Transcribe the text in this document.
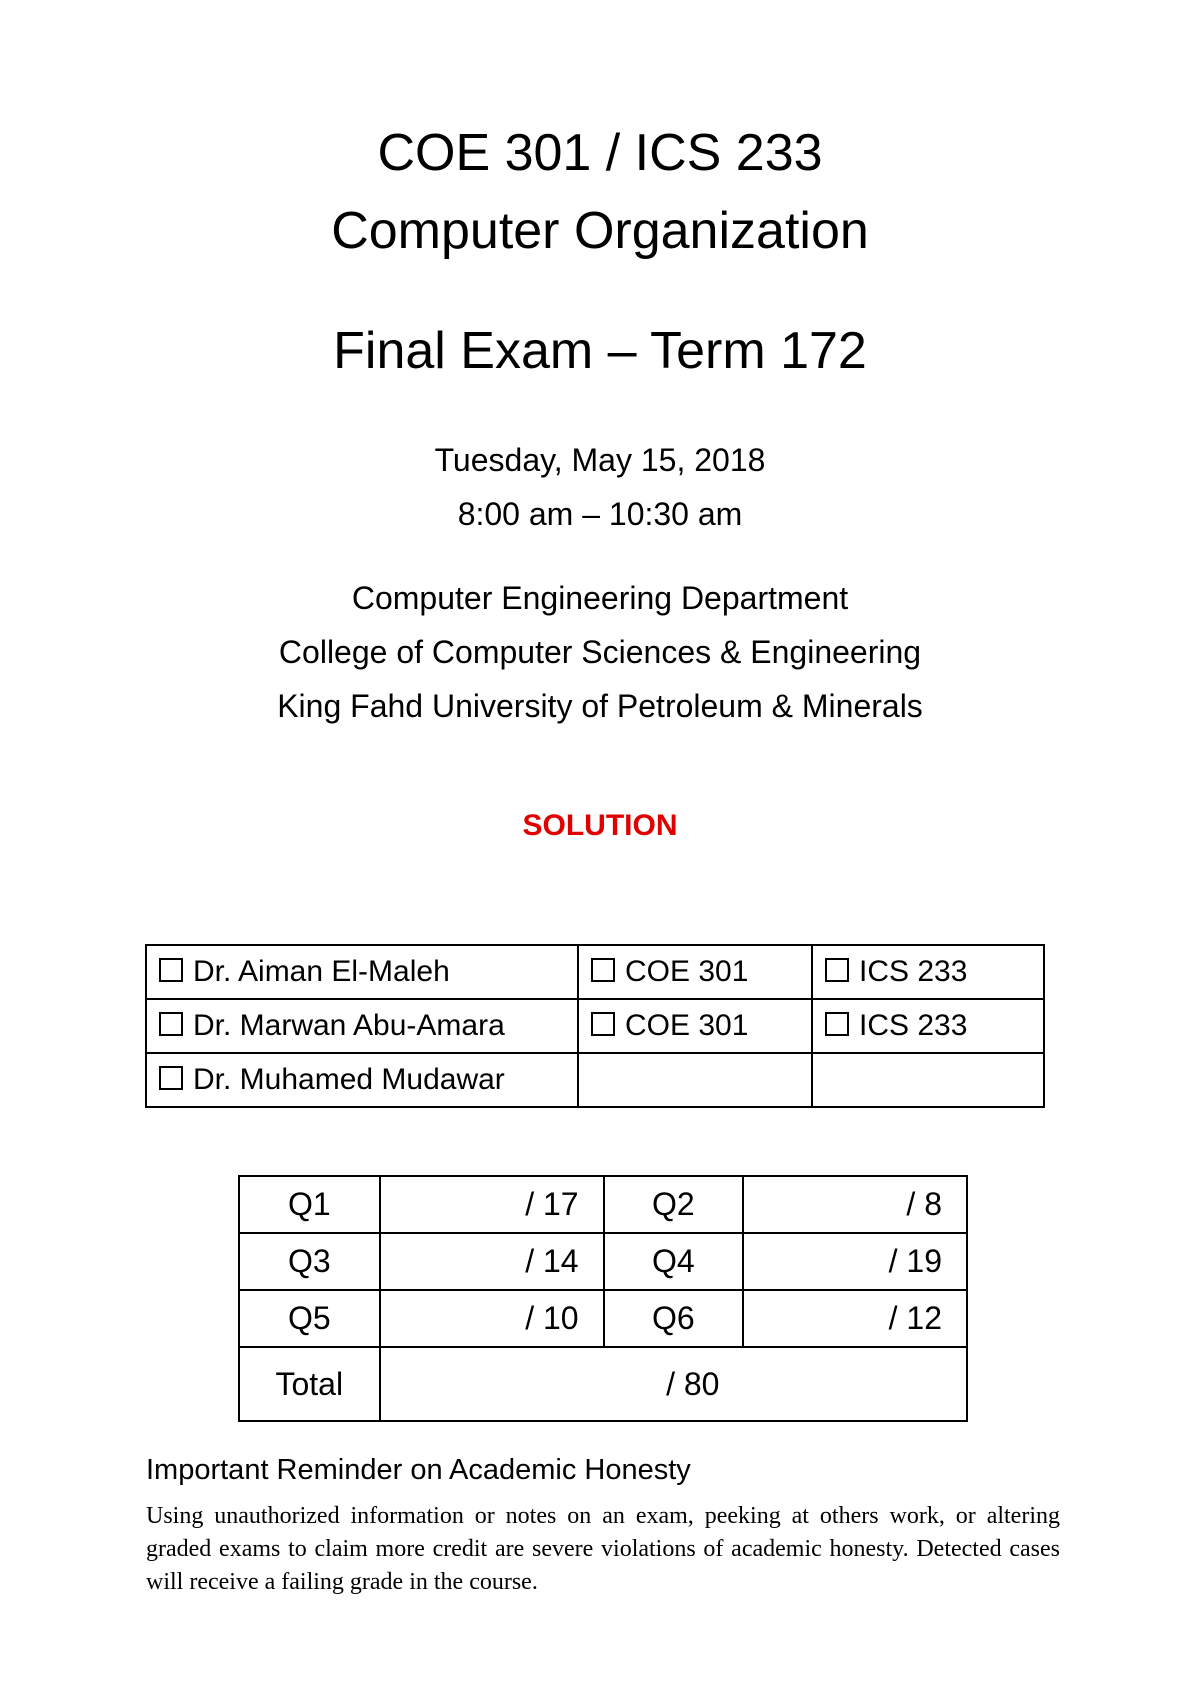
COE 301 / ICS 233
Computer Organization
Final Exam – Term 172
Tuesday, May 15, 2018
8:00 am – 10:30 am
Computer Engineering Department
College of Computer Sciences & Engineering
King Fahd University of Petroleum & Minerals
SOLUTION
Dr. Aiman El-Maleh	COE 301	ICS 233
Dr. Marwan Abu-Amara	COE 301	ICS 233
Dr. Muhamed Mudawar		
Q1	/ 17	Q2	/ 8
Q3	/ 14	Q4	/ 19
Q5	/ 10	Q6	/ 12
Total	/ 80		
Important Reminder on Academic Honesty

Using unauthorized information or notes on an exam, peeking at others work, or altering graded exams to claim more credit are severe violations of academic honesty. Detected cases will receive a failing grade in the course.
